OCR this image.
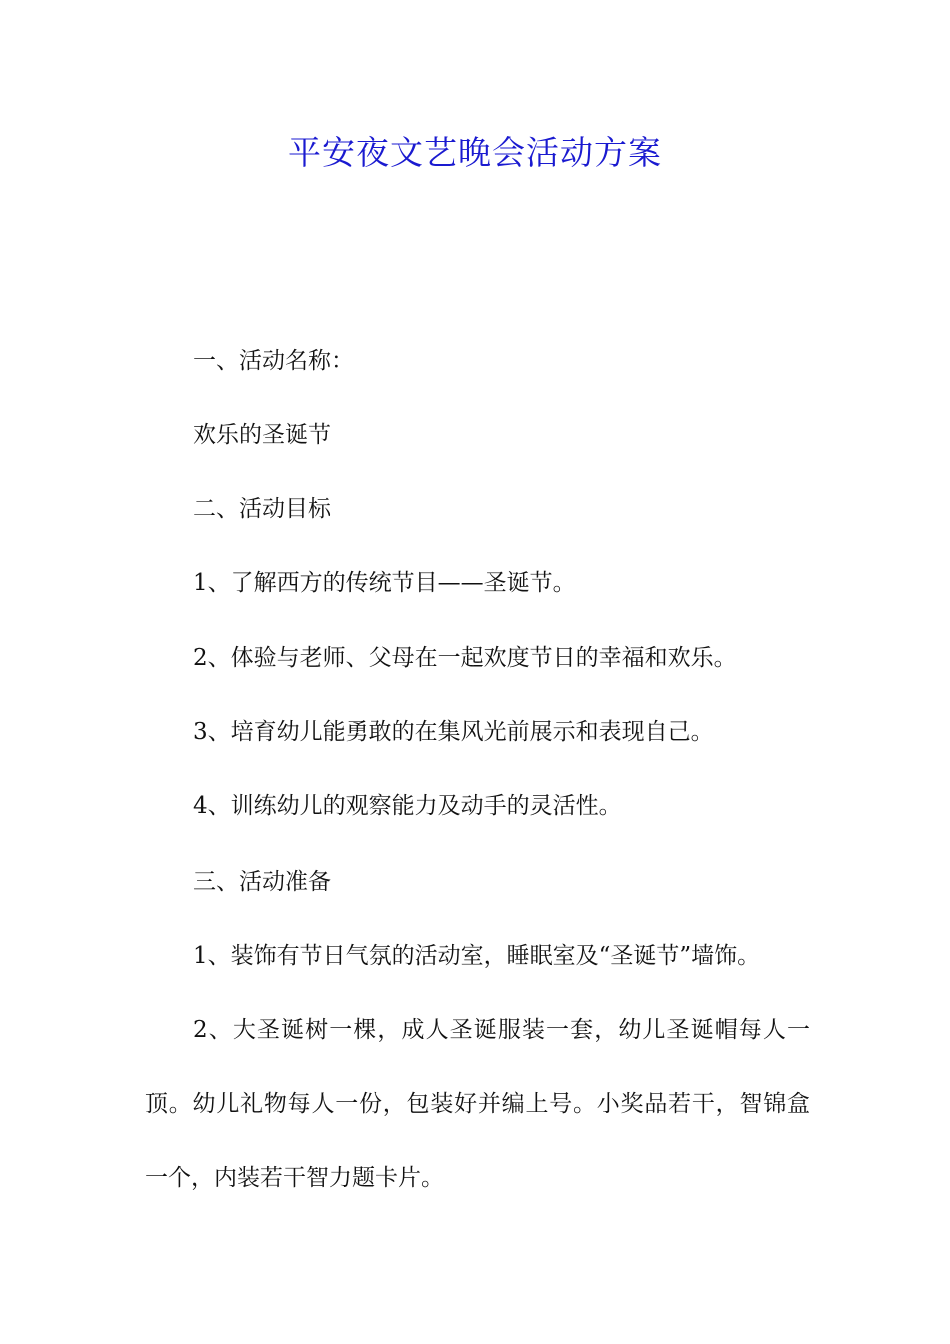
平安夜文艺晚会活动方案
一、活动名称：
欢乐的圣诞节
二、活动目标
1、了解西方的传统节目——圣诞节。
2、体验与老师、父母在一起欢度节日的幸福和欢乐。
3、培育幼儿能勇敢的在集风光前展示和表现自己。
4、训练幼儿的观察能力及动手的灵活性。
三、活动准备
1、装饰有节日气氛的活动室，睡眠室及“圣诞节”墙饰。
2、大圣诞树一棵，成人圣诞服装一套，幼儿圣诞帽每人一顶。幼儿礼物每人一份，包装好并编上号。小奖品若干，智锦盒一个，内装若干智力题卡片。
